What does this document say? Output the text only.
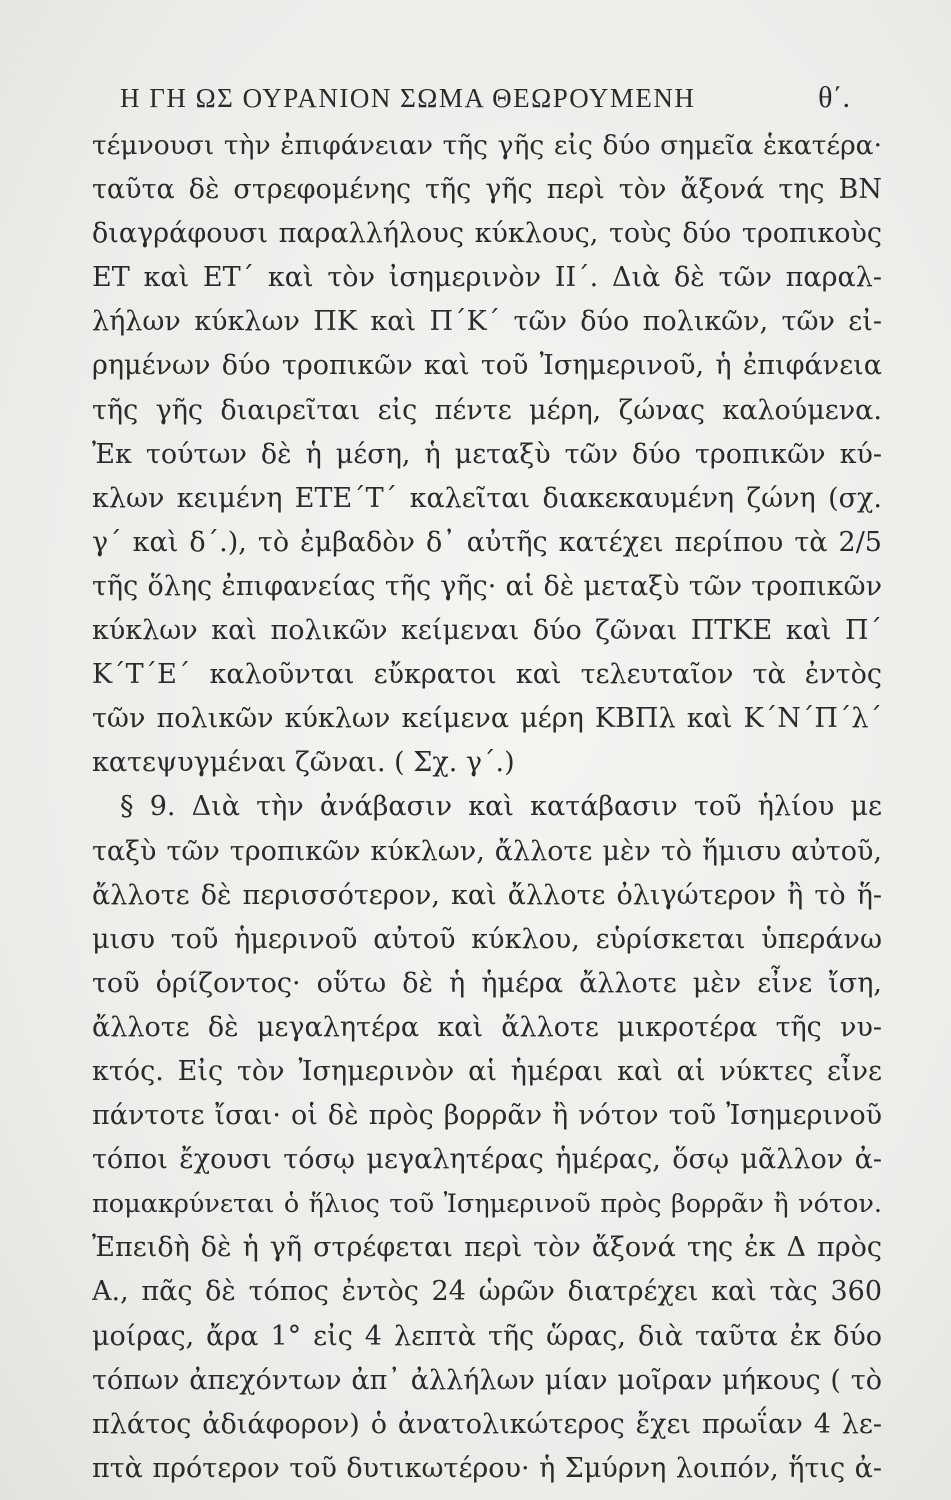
Η ΓΗ ΩΣ ΟΥΡΑΝΙΟΝ ΣΩΜΑ ΘΕΩΡΟΥΜΕΝΗ	θ΄.
τέμνουσι τὴν ἐπιφάνειαν τῆς γῆς εἰς δύο σημεῖα ἑκατέρα·
ταῦτα δὲ στρεφομένης τῆς γῆς περὶ τὸν ἄξονά της ΒΝ
διαγράφουσι παραλλήλους κύκλους, τοὺς δύο τροπικοὺς
ΕΤ καὶ ΕΤ΄ καὶ τὸν ἰσημερινὸν ΙΙ΄. Διὰ δὲ τῶν παραλ-
λήλων κύκλων ΠΚ καὶ Π΄Κ΄ τῶν δύο πολικῶν, τῶν εἰ-
ρημένων δύο τροπικῶν καὶ τοῦ Ἰσημερινοῦ, ἡ ἐπιφάνεια
τῆς γῆς διαιρεῖται εἰς πέντε μέρη, ζώνας καλούμενα.
Ἐκ τούτων δὲ ἡ μέση, ἡ μεταξὺ τῶν δύο τροπικῶν κύ-
κλων κειμένη ΕΤΕ΄Τ΄ καλεῖται διακεκαυμένη ζώνη (σχ.
γ΄ καὶ δ΄.), τὸ ἐμβαδὸν δ᾽ αὐτῆς κατέχει περίπου τὰ 2/5
τῆς ὅλης ἐπιφανείας τῆς γῆς· αἱ δὲ μεταξὺ τῶν τροπικῶν
κύκλων καὶ πολικῶν κείμεναι δύο ζῶναι ΠΤΚΕ καὶ Π΄
Κ΄Τ΄Ε΄ καλοῦνται εὔκρατοι καὶ τελευταῖον τὰ ἐντὸς
τῶν πολικῶν κύκλων κείμενα μέρη ΚΒΠλ καὶ Κ΄Ν΄Π΄λ΄
κατεψυγμέναι ζῶναι. ( Σχ. γ΄.)
§ 9. Διὰ τὴν ἀνάβασιν καὶ κατάβασιν τοῦ ἡλίου με
ταξὺ τῶν τροπικῶν κύκλων, ἄλλοτε μὲν τὸ ἥμισυ αὐτοῦ,
ἄλλοτε δὲ περισσότερον, καὶ ἄλλοτε ὀλιγώτερον ἢ τὸ ἥ-
μισυ τοῦ ἡμερινοῦ αὐτοῦ κύκλου, εὑρίσκεται ὑπεράνω
τοῦ ὁρίζοντος· οὕτω δὲ ἡ ἡμέρα ἄλλοτε μὲν εἶνε ἴση,
ἄλλοτε δὲ μεγαλητέρα καὶ ἄλλοτε μικροτέρα τῆς νυ-
κτός. Εἰς τὸν Ἰσημερινὸν αἱ ἡμέραι καὶ αἱ νύκτες εἶνε
πάντοτε ἴσαι· οἱ δὲ πρὸς βορρᾶν ἢ νότον τοῦ Ἰσημερινοῦ
τόποι ἔχουσι τόσῳ μεγαλητέρας ἡμέρας, ὅσῳ μᾶλλον ἀ-
πομακρύνεται ὁ ἥλιος τοῦ Ἰσημερινοῦ πρὸς βορρᾶν ἢ νότον.
Ἐπειδὴ δὲ ἡ γῆ στρέφεται περὶ τὸν ἄξονά της ἐκ Δ πρὸς
Α., πᾶς δὲ τόπος ἐντὸς 24 ὡρῶν διατρέχει καὶ τὰς 360
μοίρας, ἄρα 1° εἰς 4 λεπτὰ τῆς ὥρας, διὰ ταῦτα ἐκ δύο
τόπων ἀπεχόντων ἀπ᾽ ἀλλήλων μίαν μοῖραν μήκους ( τὸ
πλάτος ἀδιάφορον) ὁ ἀνατολικώτερος ἔχει πρωΐαν 4 λε-
πτὰ πρότερον τοῦ δυτικωτέρου· ἡ Σμύρνη λοιπόν, ἥτις ἀ-
